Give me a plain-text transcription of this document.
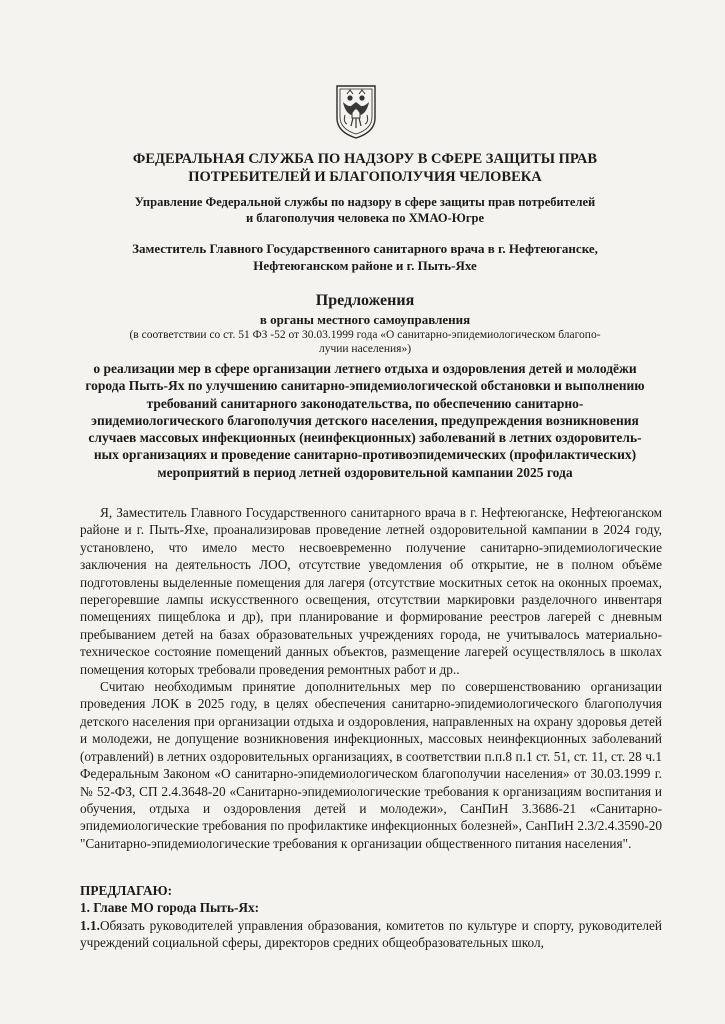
ФЕДЕРАЛЬНАЯ СЛУЖБА ПО НАДЗОРУ В СФЕРЕ ЗАЩИТЫ ПРАВ
ПОТРЕБИТЕЛЕЙ И БЛАГОПОЛУЧИЯ ЧЕЛОВЕКА
Управление Федеральной службы по надзору в сфере защиты прав потребителей
и благополучия человека по ХМАО-Югре
Заместитель Главного Государственного санитарного врача в г. Нефтеюганске,
Нефтеюганском районе и г. Пыть-Яхе
Предложения
в органы местного самоуправления
(в соответствии со ст. 51 ФЗ -52 от 30.03.1999 года «О санитарно-эпидемиологическом благопо-
лучии населения»)
о реализации мер в сфере организации летнего отдыха и оздоровления детей и молодёжи
города Пыть-Ях по улучшению санитарно-эпидемиологической обстановки и выполнению
требований санитарного законодательства, по обеспечению санитарно-
эпидемиологического благополучия детского населения, предупреждения возникновения
случаев массовых инфекционных (неинфекционных) заболеваний в летних оздоровитель-
ных организациях и проведение санитарно-противоэпидемических (профилактических)
мероприятий в период летней оздоровительной кампании 2025 года

Я, Заместитель Главного Государственного санитарного врача в г. Нефтеюганске, Нефтеюганском районе и г. Пыть-Яхе, проанализировав проведение летней оздоровительной кампании в 2024 году, установлено, что имело место несвоевременно получение санитарно-эпидемиологические заключения на деятельность ЛОО, отсутствие уведомления об открытие, не в полном объёме подготовлены выделенные помещения для лагеря (отсутствие москитных сеток на оконных проемах, перегоревшие лампы искусственного освещения, отсутствии маркировки разделочного инвентаря помещениях пищеблока и др), при планирование и формирование реестров лагерей с дневным пребыванием детей на базах образовательных учреждениях города, не учитывалось материально-техническое состояние помещений данных объектов, размещение лагерей осуществлялось в школах помещения которых требовали проведения ремонтных работ и др..

Считаю необходимым принятие дополнительных мер по совершенствованию организации проведения ЛОК в 2025 году, в целях обеспечения санитарно-эпидемиологического благополучия детского населения при организации отдыха и оздоровления, направленных на охрану здоровья детей и молодежи, не допущение возникновения инфекционных, массовых неинфекционных заболеваний (отравлений) в летних оздоровительных организациях, в соответствии п.п.8 п.1 ст. 51, ст. 11, ст. 28 ч.1 Федеральным Законом «О санитарно-эпидемиологическом благополучии населения» от 30.03.1999 г. № 52-ФЗ, СП 2.4.3648-20 «Санитарно-эпидемиологические требования к организациям воспитания и обучения, отдыха и оздоровления детей и молодежи», СанПиН 3.3686-21 «Санитарно-эпидемиологические требования по профилактике инфекционных болезней», СанПиН 2.3/2.4.3590-20 "Санитарно-эпидемиологические требования к организации общественного питания населения".

ПРЕДЛАГАЮ:
1. Главе МО города Пыть-Ях:
1.1.Обязать руководителей управления образования, комитетов по культуре и спорту, руководителей учреждений социальной сферы, директоров средних общеобразовательных школ,
